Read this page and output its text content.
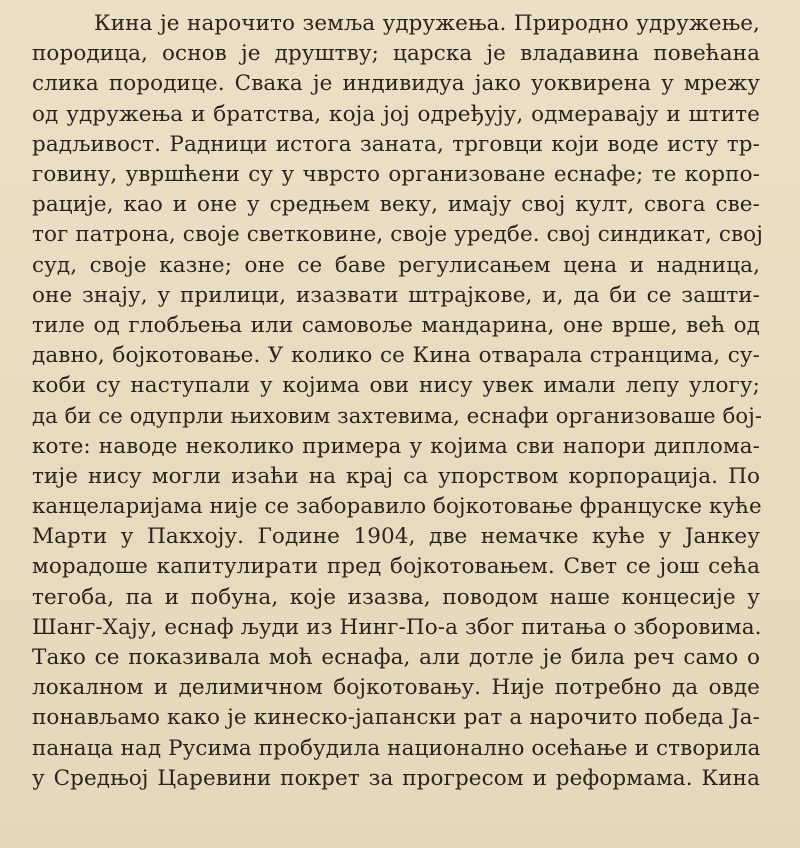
Кина је нарочито земља удружења. Природно удружење,
породица, основ је друштву; царска је владавина повећана
слика породице. Свака је индивидуа јако уоквирена у мрежу
од удружења и братства, која јој одређују, одмеравају и штите
радљивост. Радници истога заната, трговци који воде исту тр-
говину, увршћени су у чврсто организоване еснафе; те корпо-
рације, као и оне у средњем веку, имају свој култ, свога све-
тог патрона, своје светковине, своје уредбе. свој синдикат, свој
суд, своје казне; оне се баве регулисањем цена и надница,
оне знају, у прилици, изазвати штрајкове, и, да би се зашти-
тиле од глобљења или самовоље мандарина, оне врше, већ од
давно, бојкотовање. У колико се Кина отварала странцима, су-
коби су наступали у којима ови нису увек имали лепу улогу;
да би се одупрли њиховим захтевима, еснафи организоваше бој-
коте: наводе неколико примера у којима сви напори диплома-
тије нису могли изаћи на крај са упорством корпорација. По
канцеларијама није се заборавило бојкотовање француске куће
Марти у Пакхоју. Године 1904, две немачке куће у Јанкеу
морадоше капитулирати пред бојкотовањем. Свет се још сећа
тегоба, па и побуна, које изазва, поводом наше концесије у
Шанг-Хају, еснаф људи из Нинг-По-а због питања о зборовима.
Тако се показивала моћ еснафа, али дотле је била реч само о
локалном и делимичном бојкотовању. Није потребно да овде
понављамо како је кинеско-јапански рат а нарочито победа Ја-
панаца над Русима пробудила национално осећање и створила
у Средњој Царевини покрет за прогресом и реформама. Кина
